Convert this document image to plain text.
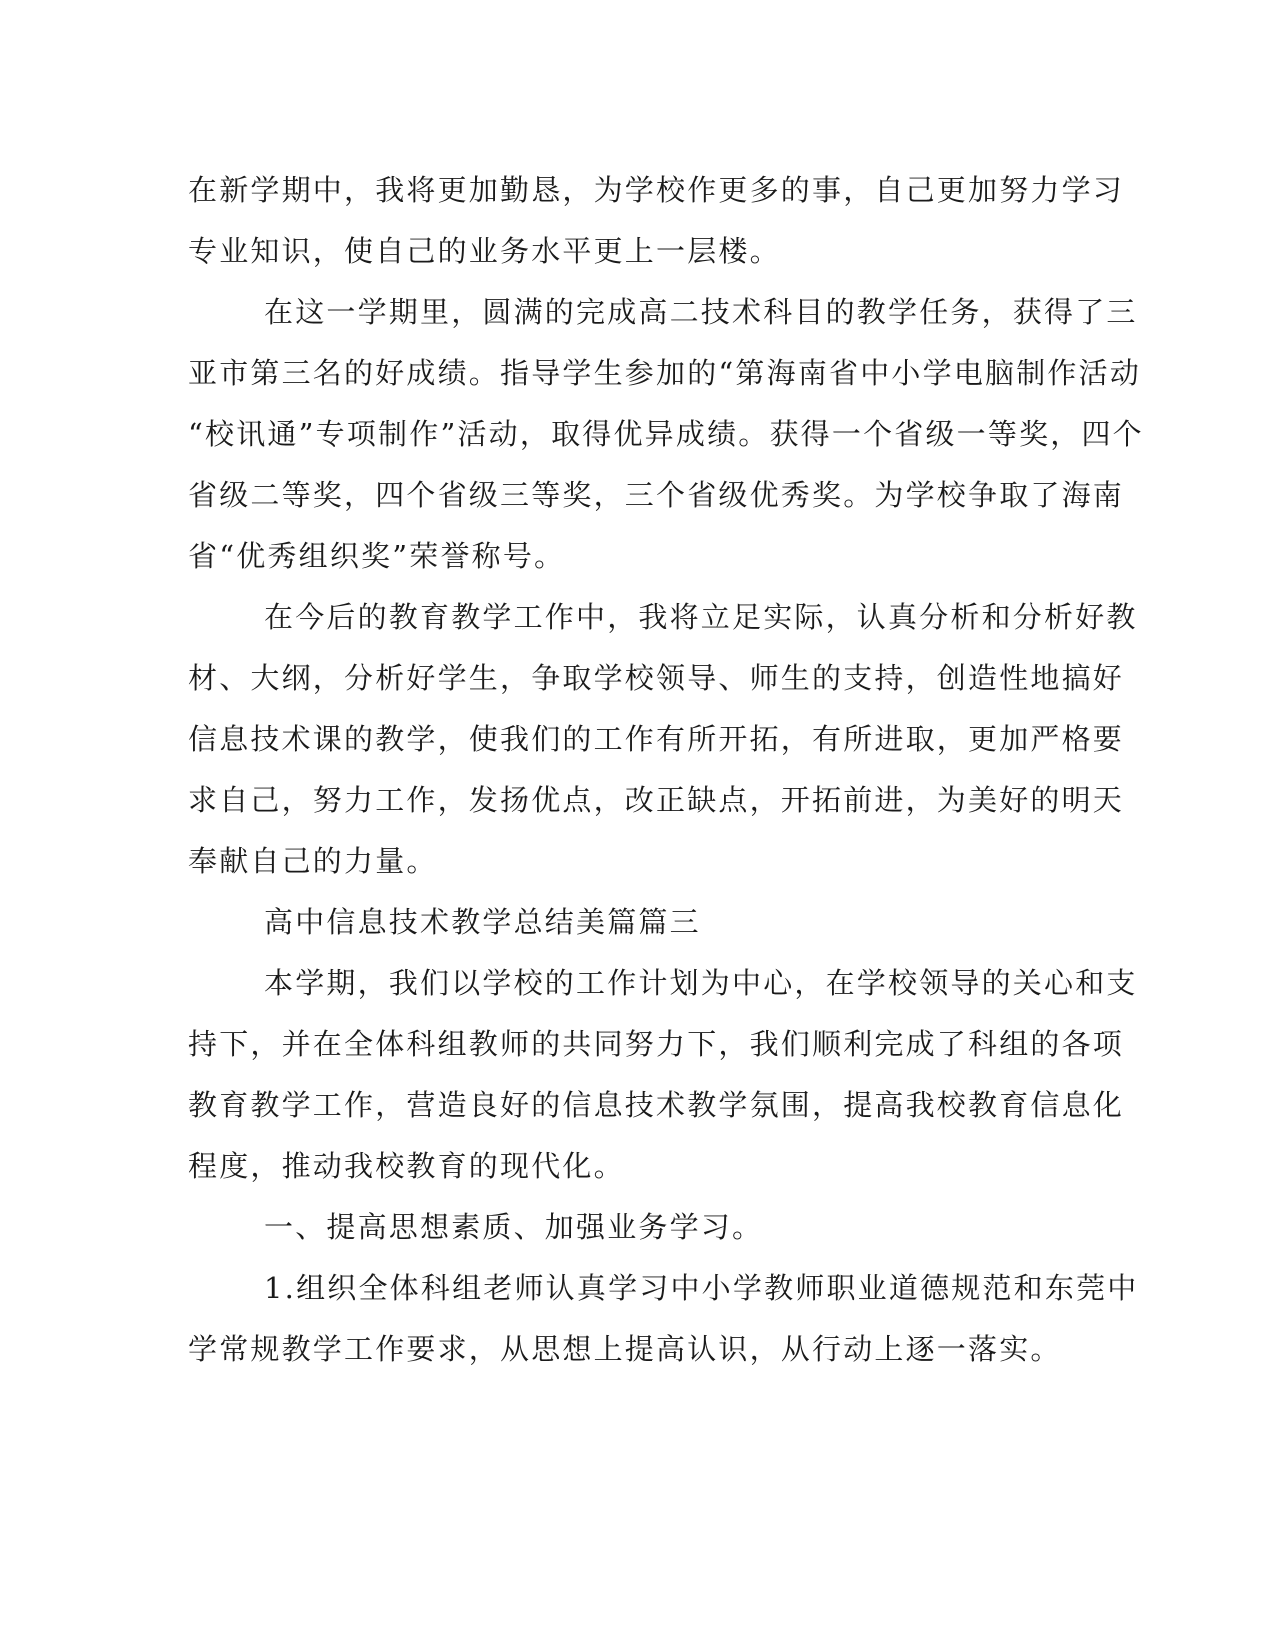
在新学期中，我将更加勤恳，为学校作更多的事，自己更加努力学习
专业知识，使自己的业务水平更上一层楼。

在这一学期里，圆满的完成高二技术科目的教学任务，获得了三
亚市第三名的好成绩。指导学生参加的“第海南省中小学电脑制作活动
“校讯通”专项制作”活动，取得优异成绩。获得一个省级一等奖，四个
省级二等奖，四个省级三等奖，三个省级优秀奖。为学校争取了海南
省“优秀组织奖”荣誉称号。

在今后的教育教学工作中，我将立足实际，认真分析和分析好教
材、大纲，分析好学生，争取学校领导、师生的支持，创造性地搞好
信息技术课的教学，使我们的工作有所开拓，有所进取，更加严格要
求自己，努力工作，发扬优点，改正缺点，开拓前进，为美好的明天
奉献自己的力量。

高中信息技术教学总结美篇篇三

本学期，我们以学校的工作计划为中心，在学校领导的关心和支
持下，并在全体科组教师的共同努力下，我们顺利完成了科组的各项
教育教学工作，营造良好的信息技术教学氛围，提高我校教育信息化
程度，推动我校教育的现代化。

一、提高思想素质、加强业务学习。

1.组织全体科组老师认真学习中小学教师职业道德规范和东莞中
学常规教学工作要求，从思想上提高认识，从行动上逐一落实。
